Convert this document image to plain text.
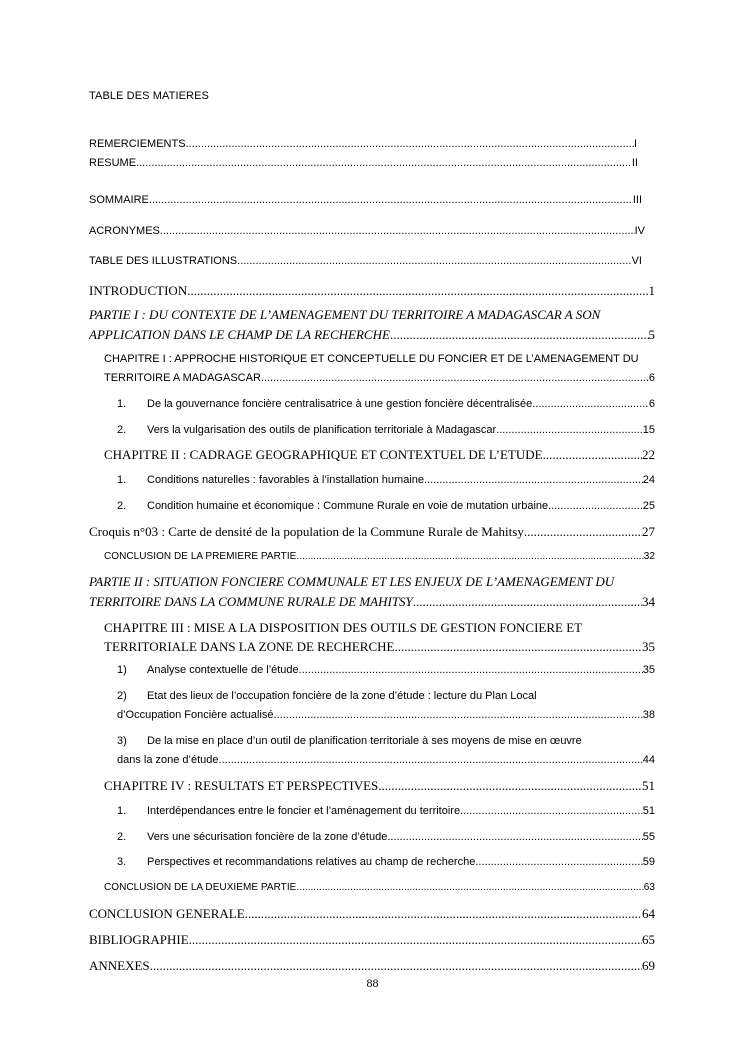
TABLE DES MATIERES
REMERCIEMENTS .....	I
RESUME .....	II
SOMMAIRE .....	III
ACRONYMES .....	IV
TABLE DES ILLUSTRATIONS .....	VI
INTRODUCTION .....	1
PARTIE I : DU CONTEXTE DE L’AMENAGEMENT DU TERRITOIRE A MADAGASCAR A SON
APPLICATION DANS LE CHAMP DE LA RECHERCHE .....	5
CHAPITRE I : APPROCHE HISTORIQUE ET CONCEPTUELLE DU FONCIER ET DE L’AMENAGEMENT DU
TERRITOIRE A MADAGASCAR .....	6
1. De la gouvernance foncière centralisatrice à une gestion foncière décentralisée .....	6
2. Vers la vulgarisation des outils de planification territoriale à Madagascar .....	15
CHAPITRE II : CADRAGE GEOGRAPHIQUE ET CONTEXTUEL DE L’ETUDE .....	22
1. Conditions naturelles : favorables à l’installation humaine .....	24
2. Condition humaine et économique : Commune Rurale en voie de mutation urbaine .....	25
Croquis n°03 : Carte de densité de la population de la Commune Rurale de Mahitsy .....	27
CONCLUSION DE LA PREMIERE PARTIE .....	32
PARTIE II : SITUATION FONCIERE COMMUNALE ET LES ENJEUX DE L’AMENAGEMENT DU
TERRITOIRE DANS LA COMMUNE RURALE DE MAHITSY .....	34
CHAPITRE III : MISE A LA DISPOSITION DES OUTILS DE GESTION FONCIERE ET
TERRITORIALE DANS LA ZONE DE RECHERCHE .....	35
1) Analyse contextuelle de l’étude .....	35
2) Etat des lieux de l’occupation foncière de la zone d’étude : lecture du Plan Local
d’Occupation Foncière actualisé .....	38
3) De la mise en place d’un outil de planification territoriale à ses moyens de mise en œuvre
dans la zone d’étude .....	44
CHAPITRE IV : RESULTATS ET PERSPECTIVES .....	51
1. Interdépendances entre le foncier et l’aménagement du territoire .....	51
2. Vers une sécurisation foncière de la zone d’étude .....	55
3. Perspectives et recommandations relatives au champ de recherche .....	59
CONCLUSION DE LA DEUXIEME PARTIE .....	63
CONCLUSION GENERALE .....	64
BIBLIOGRAPHIE .....	65
ANNEXES .....	69
88
